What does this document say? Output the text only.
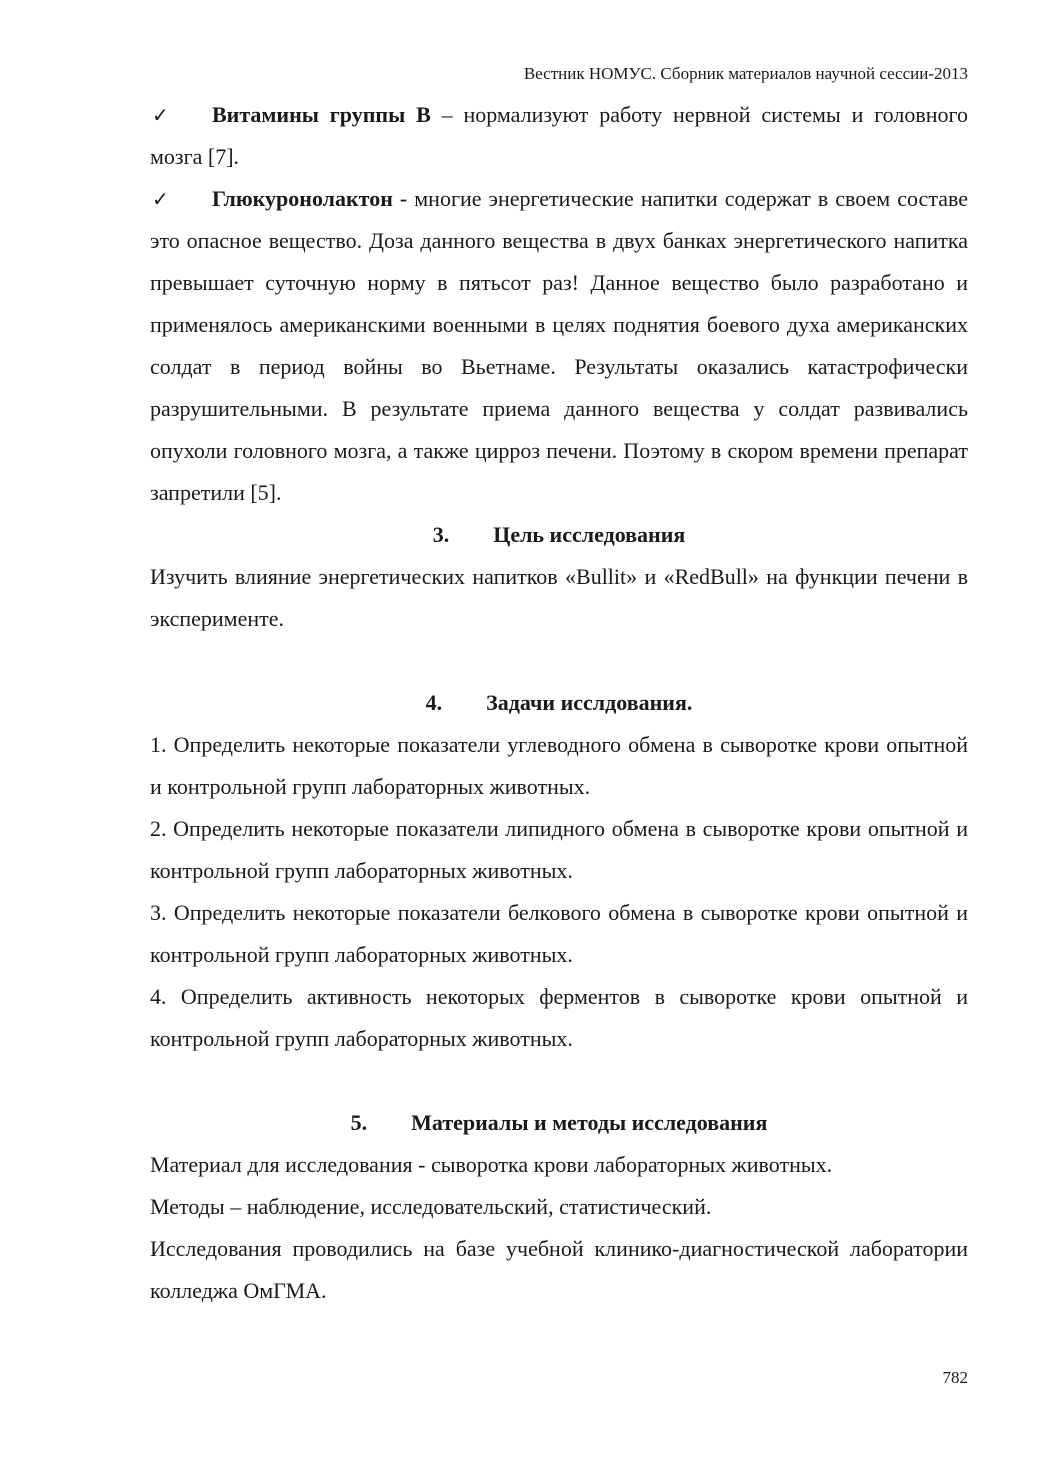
Вестник НОМУС. Сборник материалов научной сессии-2013

✓ Витамины группы В – нормализуют работу нервной системы и головного мозга [7].

✓ Глюкуронолактон - многие энергетические напитки содержат в своем составе это опасное вещество. Доза данного вещества в двух банках энергетического напитка превышает суточную норму в пятьсот раз! Данное вещество было разработано и применялось американскими военными в целях поднятия боевого духа американских солдат в период войны во Вьетнаме. Результаты оказались катастрофически разрушительными. В результате приема данного вещества у солдат развивались опухоли головного мозга, а также цирроз печени. Поэтому в скором времени препарат запретили [5].

3. Цель исследования

Изучить влияние энергетических напитков «Bullit» и «RedBull» на функции печени в эксперименте.

4. Задачи исслдования.

1. Определить некоторые показатели углеводного обмена в сыворотке крови опытной и контрольной групп лабораторных животных.

2. Определить некоторые показатели липидного обмена в сыворотке крови опытной и контрольной групп лабораторных животных.

3. Определить некоторые показатели белкового обмена в сыворотке крови опытной и контрольной групп лабораторных животных.

4. Определить активность некоторых ферментов в сыворотке крови опытной и контрольной групп лабораторных животных.

5. Материалы и методы исследования

Материал для исследования - сыворотка крови лабораторных животных.

Методы – наблюдение, исследовательский, статистический.

Исследования проводились на базе учебной клинико-диагностической лаборатории колледжа ОмГМА.

782
